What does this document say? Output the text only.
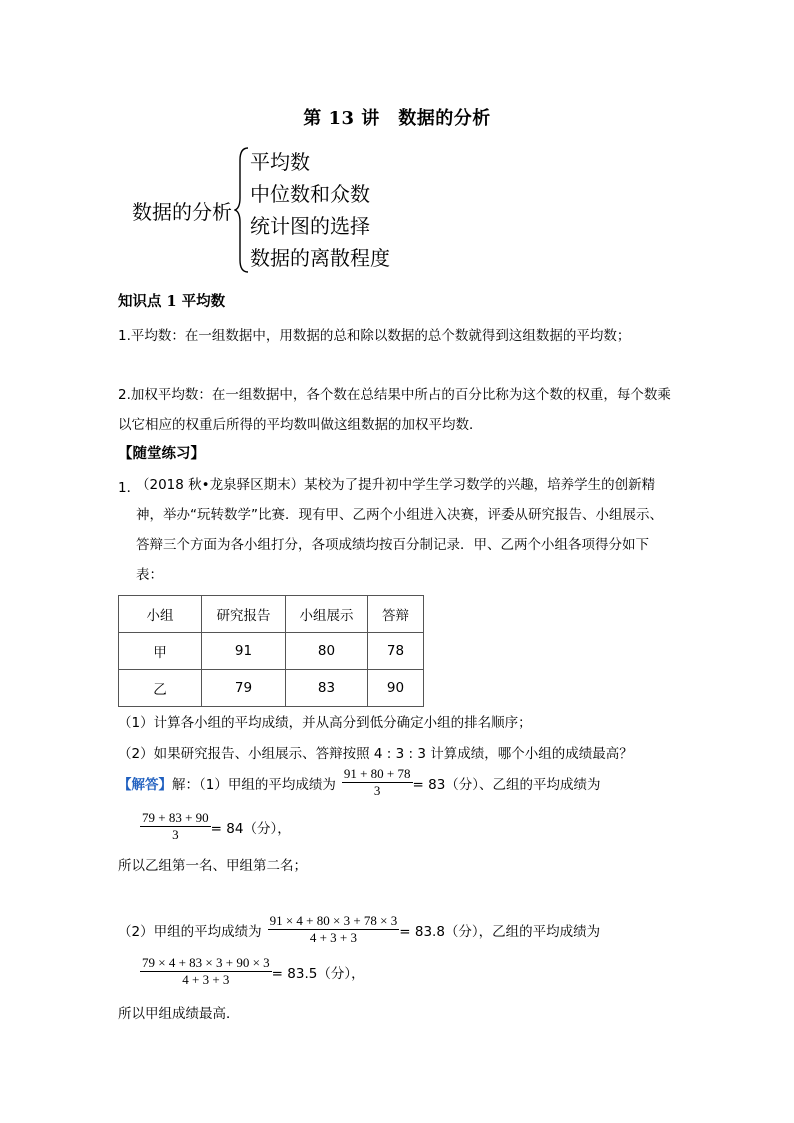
第 13 讲　数据的分析
数据的分析
平均数
中位数和众数
统计图的选择
数据的离散程度
知识点 1 平均数
1.平均数：在一组数据中，用数据的总和除以数据的总个数就得到这组数据的平均数；
2.加权平均数：在一组数据中，各个数在总结果中所占的百分比称为这个数的权重，每个数乘以它相应的权重后所得的平均数叫做这组数据的加权平均数．
【随堂练习】
1．
（2018 秋•龙泉驿区期末）某校为了提升初中学生学习数学的兴趣，培养学生的创新精神，举办“玩转数学”比赛．现有甲、乙两个小组进入决赛，评委从研究报告、小组展示、答辩三个方面为各小组打分，各项成绩均按百分制记录．甲、乙两个小组各项得分如下表：
小组	研究报告	小组展示	答辩
甲	91	80	78
乙	79	83	90
（1）计算各小组的平均成绩，并从高分到低分确定小组的排名顺序；
（2）如果研究报告、小组展示、答辩按照 4 : 3 : 3 计算成绩，哪个小组的成绩最高？
【解答】 解：（1）甲组的平均成绩为 $\frac{91 + 80 + 78}{3} = 83$（分）、乙组的平均成绩为
$\frac{79 + 83 + 90}{3} = 84$（分），
所以乙组第一名、甲组第二名；
（2）甲组的平均成绩为 $\frac{91 \times 4 + 80 \times 3 + 78 \times 3}{4 + 3 + 3} = 83.8$（分），乙组的平均成绩为
$\frac{79 \times 4 + 83 \times 3 + 90 \times 3}{4 + 3 + 3} = 83.5$（分），
所以甲组成绩最高．
